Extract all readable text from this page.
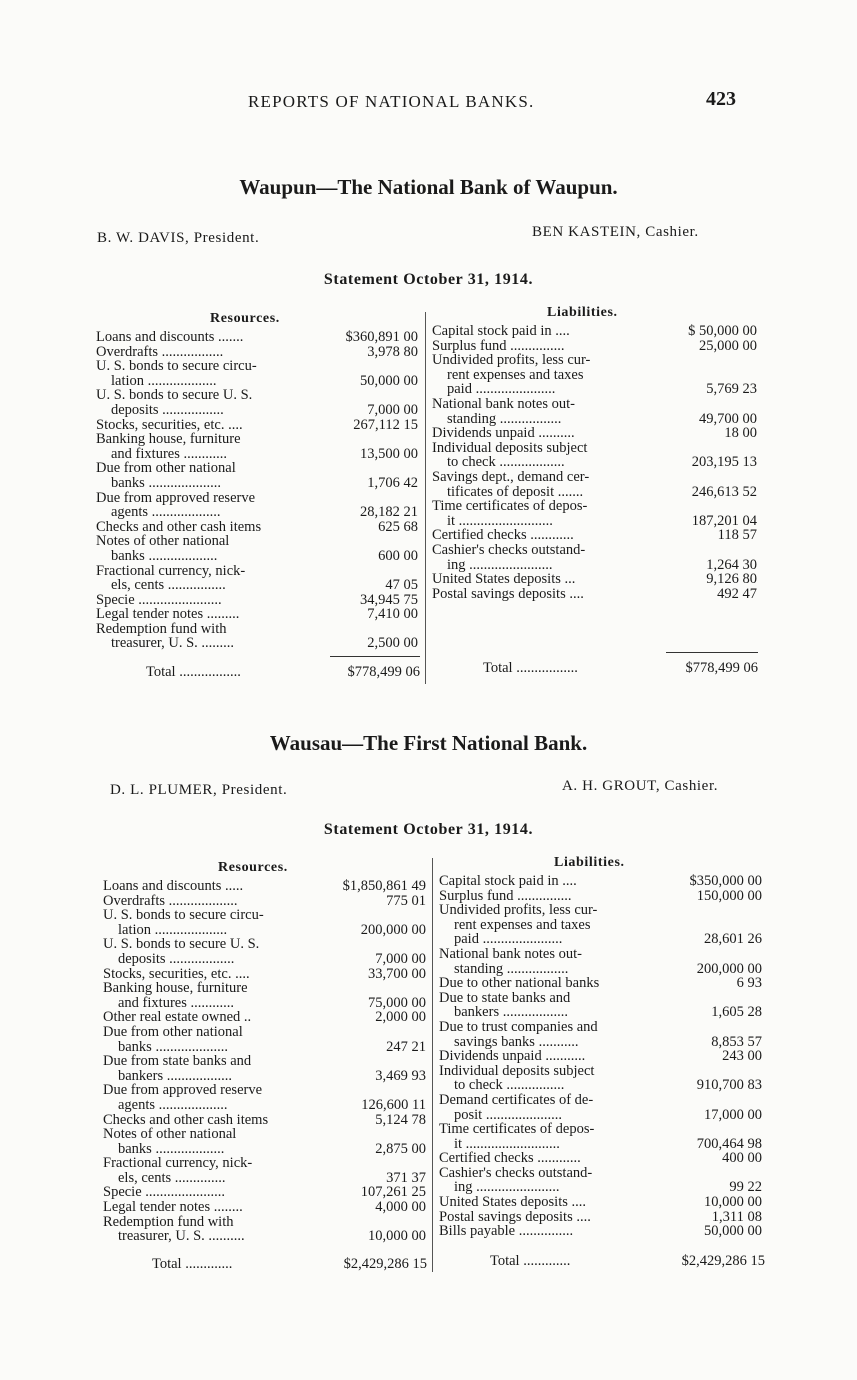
REPORTS OF NATIONAL BANKS.	423
Waupun—The National Bank of Waupun.
B. W. DAVIS, President.	BEN KASTEIN, Cashier.
Statement October 31, 1914.
Resources.	Liabilities.
Loans and discounts .......	$360,891 00
Overdrafts .................	3,978 80
U. S. bonds to secure circu-
lation ...................	50,000 00
U. S. bonds to secure U. S.
deposits .................	7,000 00
Stocks, securities, etc. ....	267,112 15
Banking house, furniture
and fixtures ............	13,500 00
Due from other national
banks ....................	1,706 42
Due from approved reserve
agents ...................	28,182 21
Checks and other cash items	625 68
Notes of other national
banks ...................	600 00
Fractional currency, nick-
els, cents ................	47 05
Specie .......................	34,945 75
Legal tender notes .........	7,410 00
Redemption fund with
treasurer, U. S. .........	2,500 00
Capital stock paid in ....	$ 50,000 00
Surplus fund ...............	25,000 00
Undivided profits, less cur-
rent expenses and taxes
paid ......................	5,769 23
National bank notes out-
standing .................	49,700 00
Dividends unpaid ..........	18 00
Individual deposits subject
to check ..................	203,195 13
Savings dept., demand cer-
tificates of deposit .......	246,613 52
Time certificates of depos-
it ..........................	187,201 04
Certified checks ............	118 57
Cashier's checks outstand-
ing .......................	1,264 30
United States deposits ...	9,126 80
Postal savings deposits ....	492 47
Total .................	$778,499 06	Total .................	$778,499 06
Wausau—The First National Bank.
D. L. PLUMER, President.	A. H. GROUT, Cashier.
Statement October 31, 1914.
Resources.	Liabilities.
Loans and discounts .....	$1,850,861 49
Overdrafts ...................	775 01
U. S. bonds to secure circu-
lation ....................	200,000 00
U. S. bonds to secure U. S.
deposits ..................	7,000 00
Stocks, securities, etc. ....	33,700 00
Banking house, furniture
and fixtures ............	75,000 00
Other real estate owned ..	2,000 00
Due from other national
banks ....................	247 21
Due from state banks and
bankers ..................	3,469 93
Due from approved reserve
agents ...................	126,600 11
Checks and other cash items	5,124 78
Notes of other national
banks ...................	2,875 00
Fractional currency, nick-
els, cents ..............	371 37
Specie ......................	107,261 25
Legal tender notes ........	4,000 00
Redemption fund with
treasurer, U. S. ..........	10,000 00
Capital stock paid in ....	$350,000 00
Surplus fund ...............	150,000 00
Undivided profits, less cur-
rent expenses and taxes
paid ......................	28,601 26
National bank notes out-
standing .................	200,000 00
Due to other national banks	6 93
Due to state banks and
bankers ..................	1,605 28
Due to trust companies and
savings banks ...........	8,853 57
Dividends unpaid ...........	243 00
Individual deposits subject
to check ................	910,700 83
Demand certificates of de-
posit .....................	17,000 00
Time certificates of depos-
it ..........................	700,464 98
Certified checks ............	400 00
Cashier's checks outstand-
ing .......................	99 22
United States deposits ....	10,000 00
Postal savings deposits ....	1,311 08
Bills payable ...............	50,000 00
Total .............	$2,429,286 15	Total .............	$2,429,286 15
